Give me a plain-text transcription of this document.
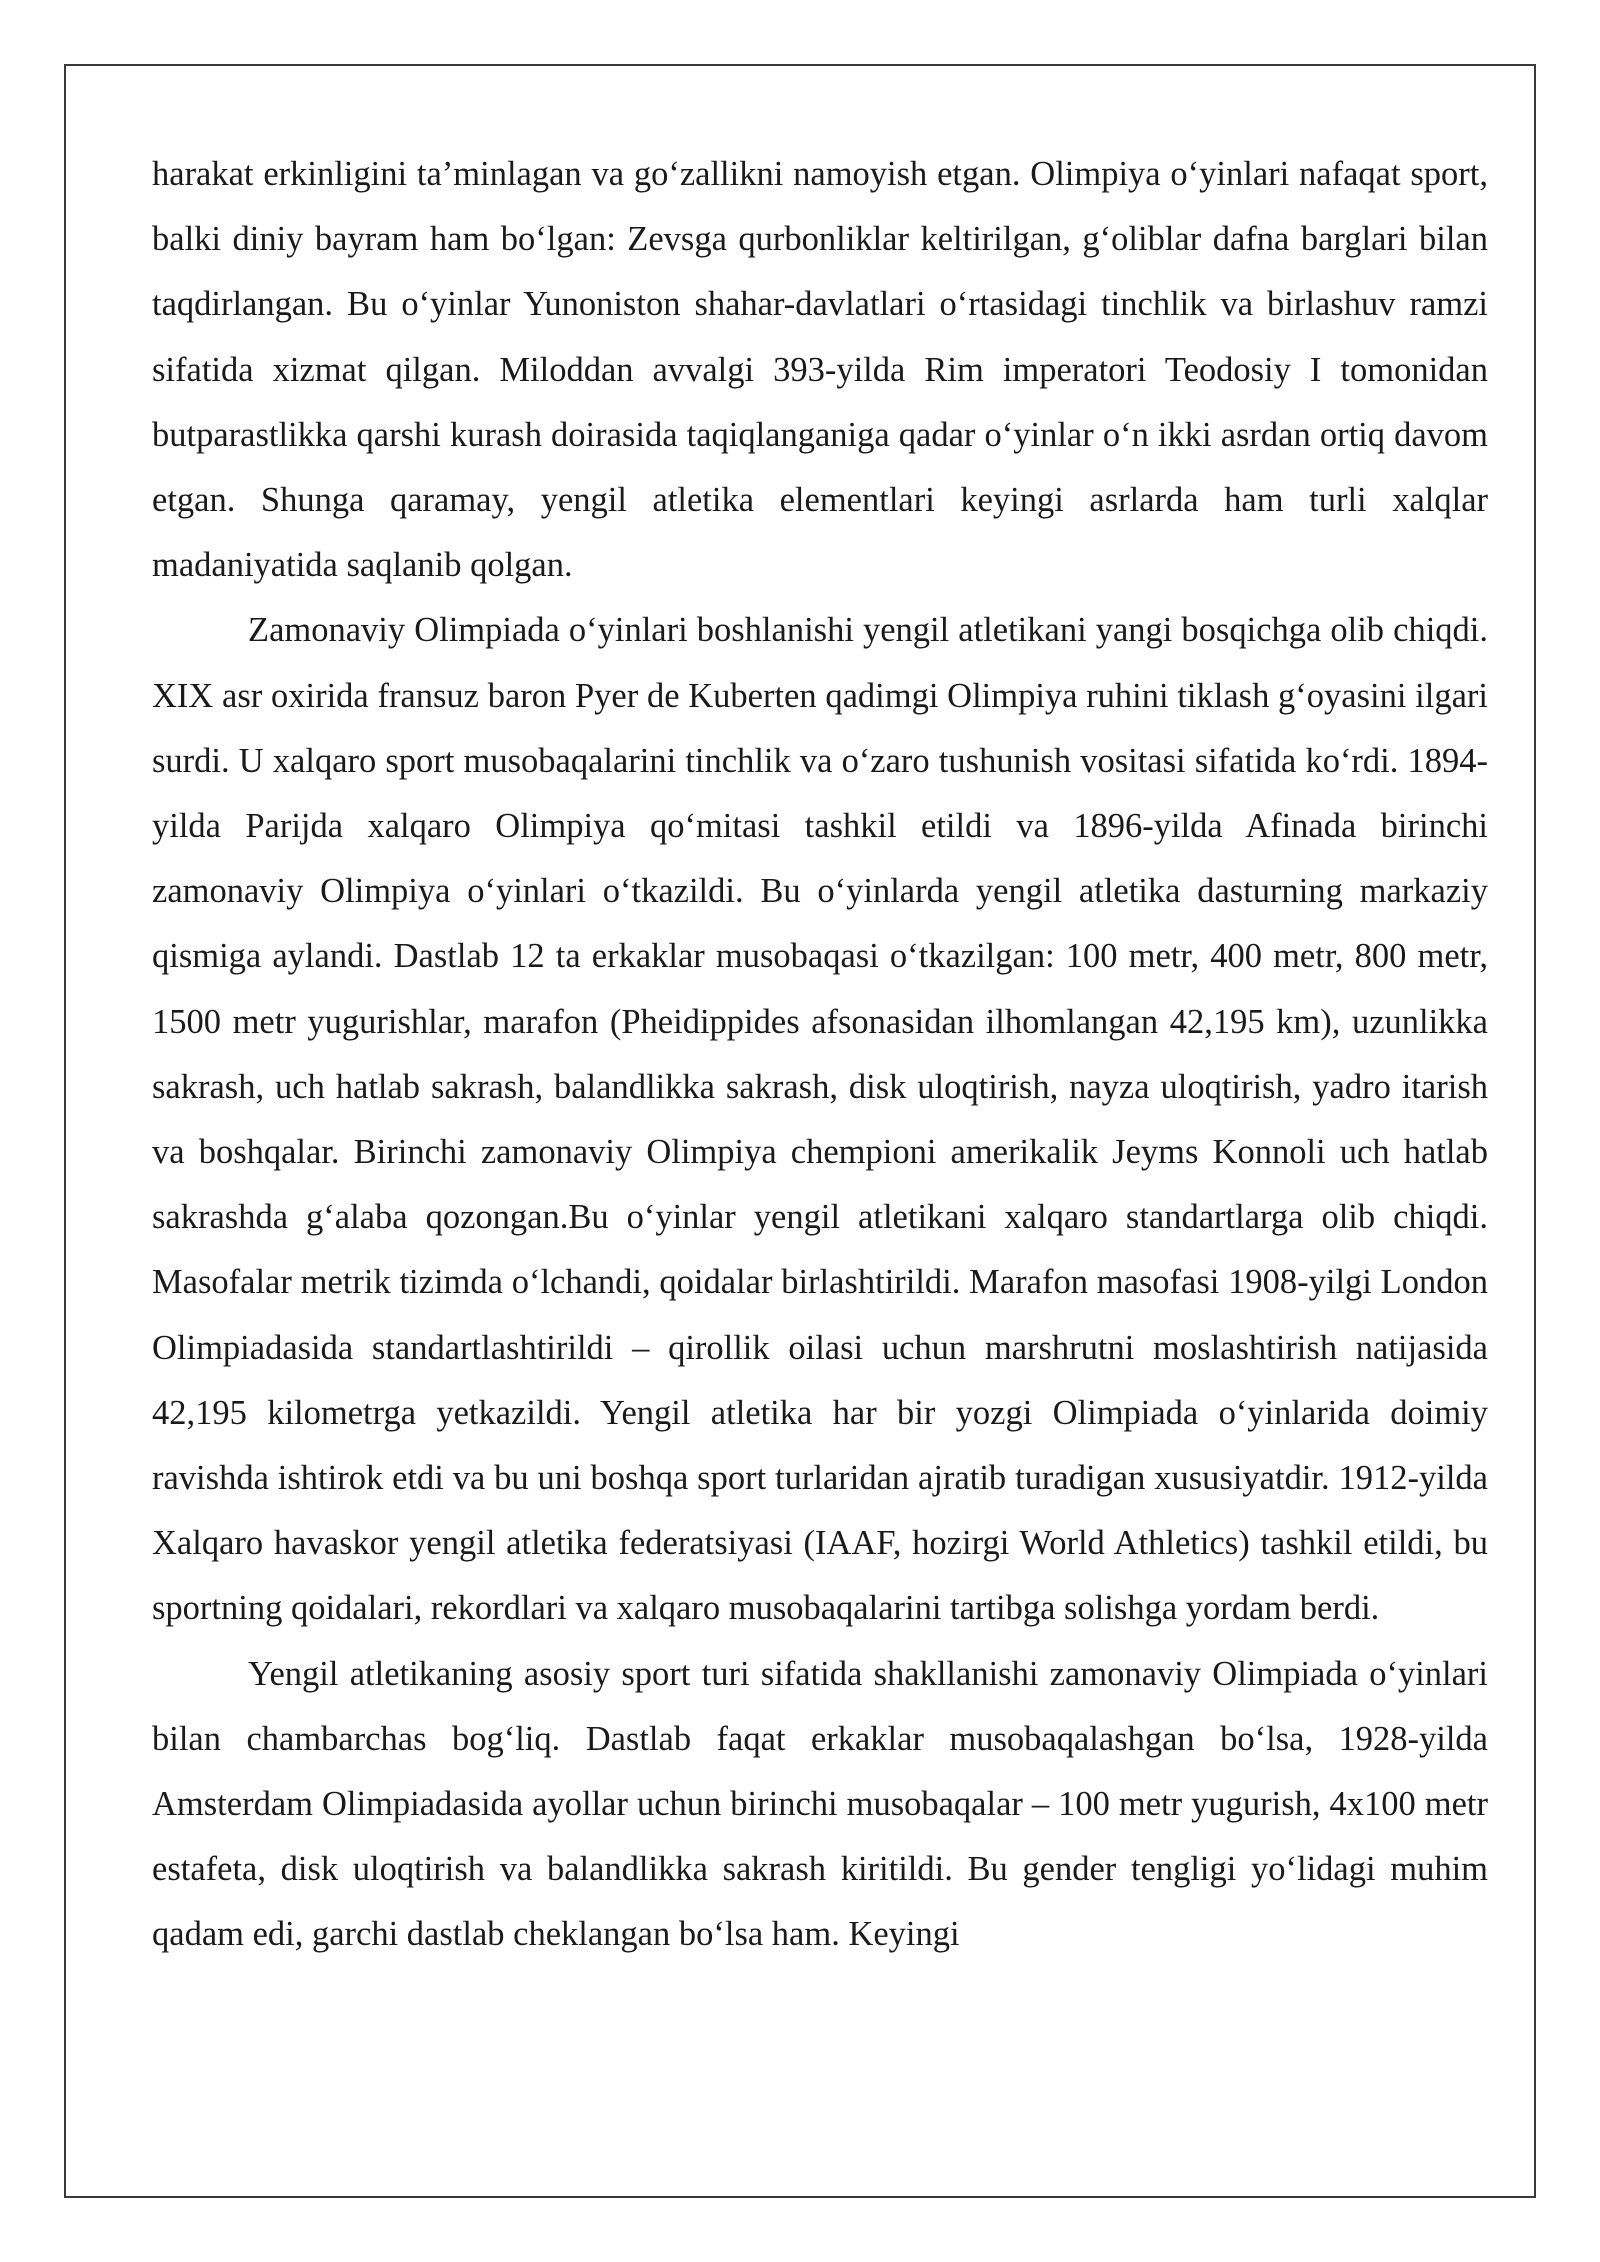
harakat erkinligini ta’minlagan va go‘zallikni namoyish etgan. Olimpiya o‘yinlari nafaqat sport, balki diniy bayram ham bo‘lgan: Zevsga qurbonliklar keltirilgan, g‘oliblar dafna barglari bilan taqdirlangan. Bu o‘yinlar Yunoniston shahar-davlatlari o‘rtasidagi tinchlik va birlashuv ramzi sifatida xizmat qilgan. Miloddan avvalgi 393-yilda Rim imperatori Teodosiy I tomonidan butparastlikka qarshi kurash doirasida taqiqlanganiga qadar o‘yinlar o‘n ikki asrdan ortiq davom etgan. Shunga qaramay, yengil atletika elementlari keyingi asrlarda ham turli xalqlar madaniyatida saqlanib qolgan.

Zamonaviy Olimpiada o‘yinlari boshlanishi yengil atletikani yangi bosqichga olib chiqdi. XIX asr oxirida fransuz baron Pyer de Kuberten qadimgi Olimpiya ruhini tiklash g‘oyasini ilgari surdi. U xalqaro sport musobaqalarini tinchlik va o‘zaro tushunish vositasi sifatida ko‘rdi. 1894-yilda Parijda xalqaro Olimpiya qo‘mitasi tashkil etildi va 1896-yilda Afinada birinchi zamonaviy Olimpiya o‘yinlari o‘tkazildi. Bu o‘yinlarda yengil atletika dasturning markaziy qismiga aylandi. Dastlab 12 ta erkaklar musobaqasi o‘tkazilgan: 100 metr, 400 metr, 800 metr, 1500 metr yugurishlar, marafon (Pheidippides afsonasidan ilhomlangan 42,195 km), uzunlikka sakrash, uch hatlab sakrash, balandlikka sakrash, disk uloqtirish, nayza uloqtirish, yadro itarish va boshqalar. Birinchi zamonaviy Olimpiya chempioni amerikalik Jeyms Konnoli uch hatlab sakrashda g‘alaba qozongan.Bu o‘yinlar yengil atletikani xalqaro standartlarga olib chiqdi. Masofalar metrik tizimda o‘lchandi, qoidalar birlashtirildi. Marafon masofasi 1908-yilgi London Olimpiadasida standartlashtirildi – qirollik oilasi uchun marshrutni moslashtirish natijasida 42,195 kilometrga yetkazildi. Yengil atletika har bir yozgi Olimpiada o‘yinlarida doimiy ravishda ishtirok etdi va bu uni boshqa sport turlaridan ajratib turadigan xususiyatdir. 1912-yilda Xalqaro havaskor yengil atletika federatsiyasi (IAAF, hozirgi World Athletics) tashkil etildi, bu sportning qoidalari, rekordlari va xalqaro musobaqalarini tartibga solishga yordam berdi.

Yengil atletikaning asosiy sport turi sifatida shakllanishi zamonaviy Olimpiada o‘yinlari bilan chambarchas bog‘liq. Dastlab faqat erkaklar musobaqalashgan bo‘lsa, 1928-yilda Amsterdam Olimpiadasida ayollar uchun birinchi musobaqalar – 100 metr yugurish, 4x100 metr estafeta, disk uloqtirish va balandlikka sakrash kiritildi. Bu gender tengligi yo‘lidagi muhim qadam edi, garchi dastlab cheklangan bo‘lsa ham. Keyingi
